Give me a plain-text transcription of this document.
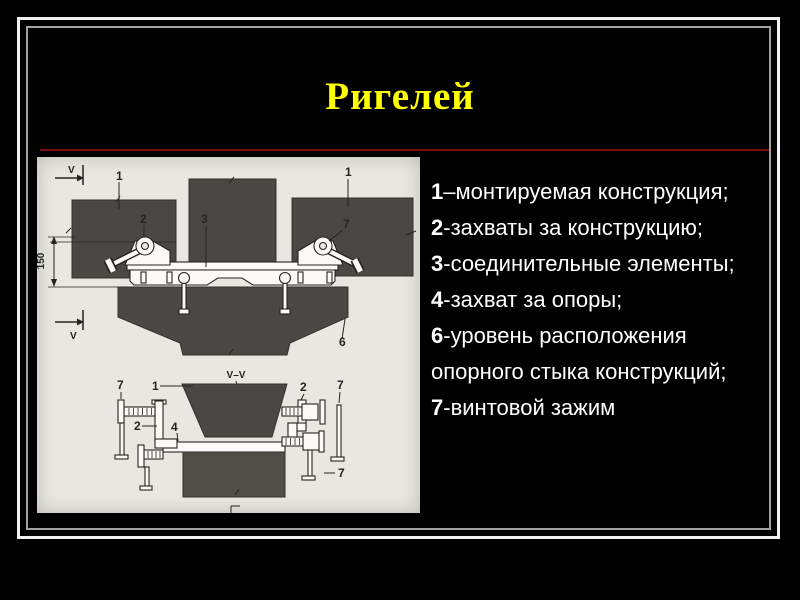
Ригелей
150
V
V
1
2	3	7
1
6
V–V
7 1	2	7
2	4
7
1–монтируемая конструкция;
2-захваты за конструкцию;
3-соединительные элементы;
4-захват за опоры;
6-уровень расположения
опорного стыка конструкций;
7-винтовой зажим
